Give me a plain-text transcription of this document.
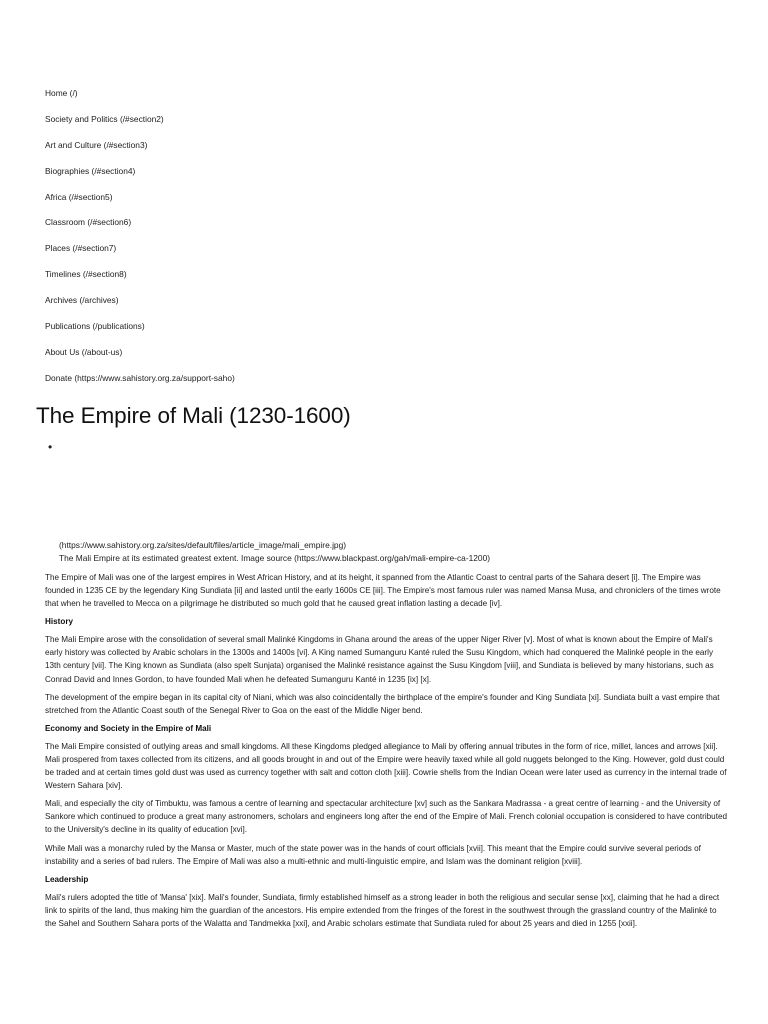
Home (/)
Society and Politics (/#section2)
Art and Culture (/#section3)
Biographies (/#section4)
Africa (/#section5)
Classroom (/#section6)
Places (/#section7)
Timelines (/#section8)
Archives (/archives)
Publications (/publications)
About Us (/about-us)
Donate (https://www.sahistory.org.za/support-saho)
The Empire of Mali (1230-1600)
•
(https://www.sahistory.org.za/sites/default/files/article_image/mali_empire.jpg)
The Mali Empire at its estimated greatest extent. Image source (https://www.blackpast.org/gah/mali-empire-ca-1200)

The Empire of Mali was one of the largest empires in West African History, and at its height, it spanned from the Atlantic Coast to central parts of the Sahara desert [i]. The Empire was founded in 1235 CE by the legendary King Sundiata [ii] and lasted until the early 1600s CE [iii]. The Empire's most famous ruler was named Mansa Musa, and chroniclers of the times wrote that when he travelled to Mecca on a pilgrimage he distributed so much gold that he caused great inflation lasting a decade [iv].

History

The Mali Empire arose with the consolidation of several small Malinké Kingdoms in Ghana around the areas of the upper Niger River [v]. Most of what is known about the Empire of Mali's early history was collected by Arabic scholars in the 1300s and 1400s [vi]. A King named Sumanguru Kanté ruled the Susu Kingdom, which had conquered the Malinké people in the early 13th century [vii]. The King known as Sundiata (also spelt Sunjata) organised the Malinké resistance against the Susu Kingdom [viii], and Sundiata is believed by many historians, such as Conrad David and Innes Gordon, to have founded Mali when he defeated Sumanguru Kanté in 1235 [ix] [x].

The development of the empire began in its capital city of Niani, which was also coincidentally the birthplace of the empire's founder and King Sundiata [xi]. Sundiata built a vast empire that stretched from the Atlantic Coast south of the Senegal River to Goa on the east of the Middle Niger bend.

Economy and Society in the Empire of Mali

The Mali Empire consisted of outlying areas and small kingdoms. All these Kingdoms pledged allegiance to Mali by offering annual tributes in the form of rice, millet, lances and arrows [xii]. Mali prospered from taxes collected from its citizens, and all goods brought in and out of the Empire were heavily taxed while all gold nuggets belonged to the King. However, gold dust could be traded and at certain times gold dust was used as currency together with salt and cotton cloth [xiii]. Cowrie shells from the Indian Ocean were later used as currency in the internal trade of Western Sahara [xiv].

Mali, and especially the city of Timbuktu, was famous a centre of learning and spectacular architecture [xv] such as the Sankara Madrassa - a great centre of learning - and the University of Sankore which continued to produce a great many astronomers, scholars and engineers long after the end of the Empire of Mali. French colonial occupation is considered to have contributed to the University's decline in its quality of education [xvi].

While Mali was a monarchy ruled by the Mansa or Master, much of the state power was in the hands of court officials [xvii]. This meant that the Empire could survive several periods of instability and a series of bad rulers. The Empire of Mali was also a multi-ethnic and multi-linguistic empire, and Islam was the dominant religion [xviii].

Leadership

Mali's rulers adopted the title of 'Mansa' [xix]. Mali's founder, Sundiata, firmly established himself as a strong leader in both the religious and secular sense [xx], claiming that he had a direct link to spirits of the land, thus making him the guardian of the ancestors. His empire extended from the fringes of the forest in the southwest through the grassland country of the Malinké to the Sahel and Southern Sahara ports of the Walatta and Tandmekka [xxi], and Arabic scholars estimate that Sundiata ruled for about 25 years and died in 1255 [xxii].
